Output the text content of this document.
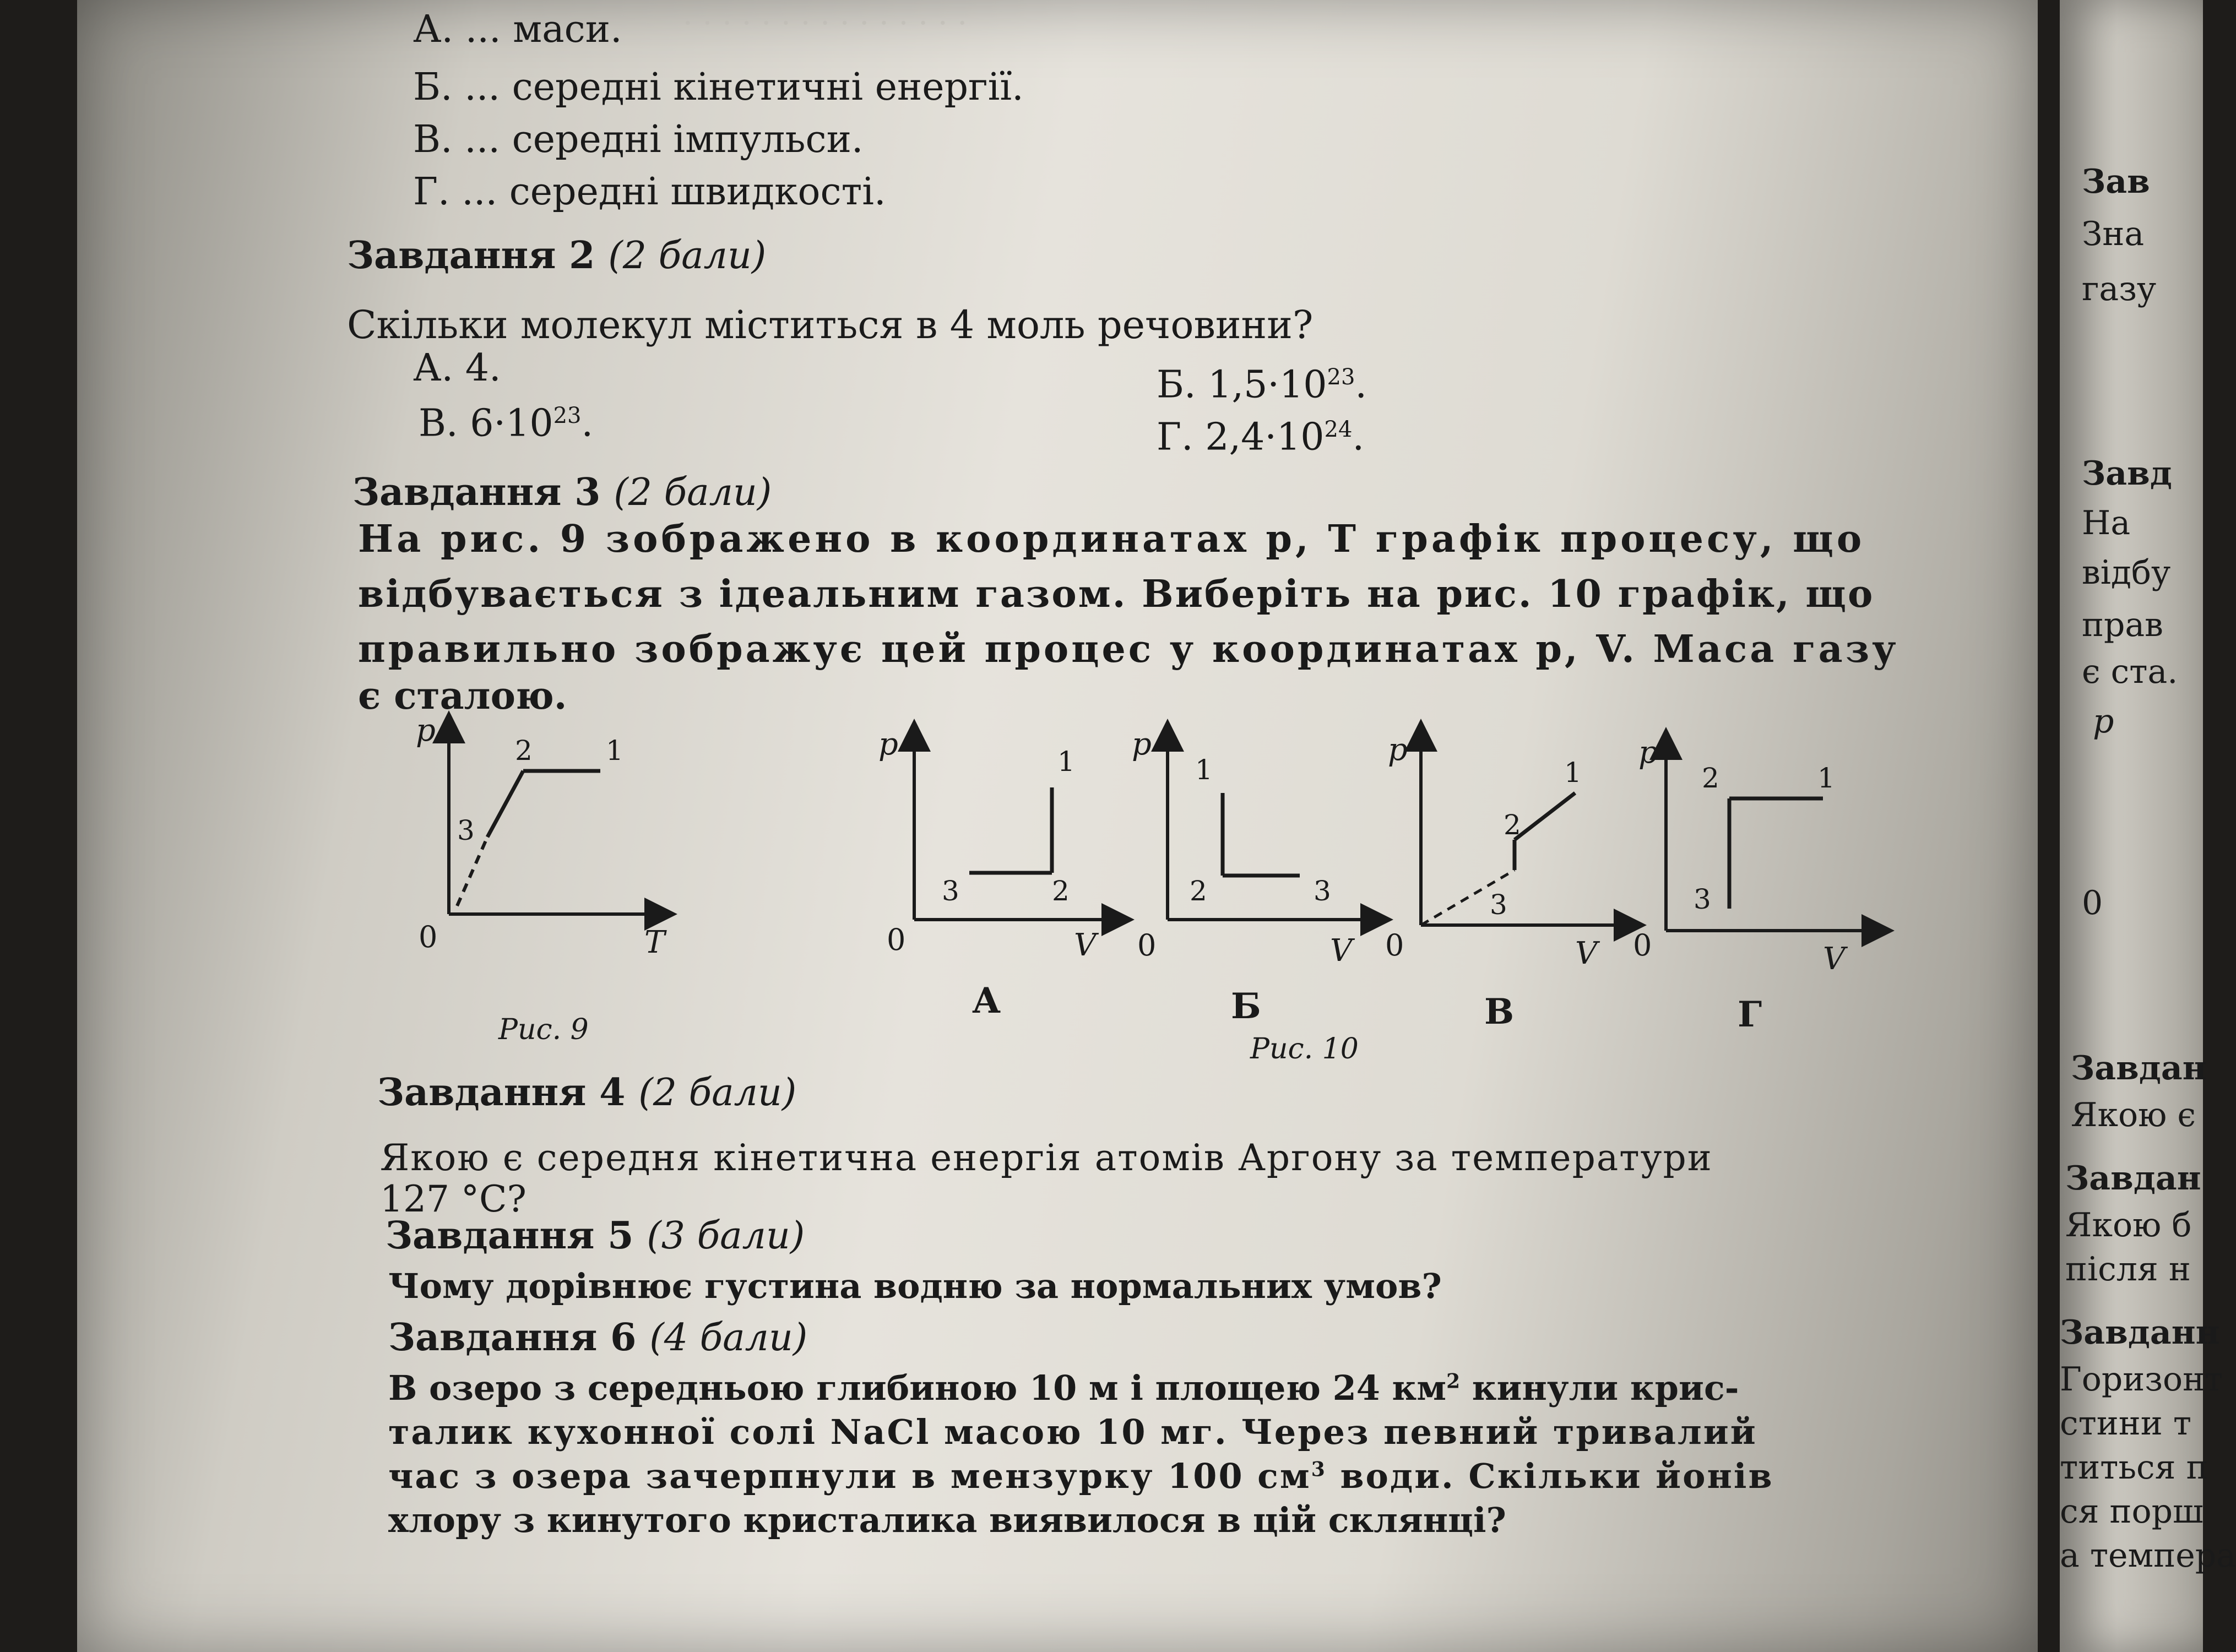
· · · · · · · · · · · · · · ·
А. ... маси.
Б. ... середні кінетичні енергії.
В. ... середні імпульси.
Г. ... середні швидкості.
Завдання 2 (2 бали)
Скільки молекул міститься в 4 моль речовини?
А. 4.	Б. $1,5\cdot 10^{23}$.
В. $6\cdot 10^{23}$.	Г. $2,4\cdot 10^{24}$.
Завдання 3 (2 бали)
На рис. 9 зображено в координатах p, T графік процесу, що
відбувається з ідеальним газом. Виберіть на рис. 10 графік, що
правильно зображує цей процес у координатах p, V. Маса газу
є сталою.
p
0	T
3
2	1	p
0	V
1
3	2
p
0	V
1
2	3
p
0	V
1
2
3
p
0	V
2	1
3
А	Б	В	Г
Рис. 9
Рис. 10
Завдання 4 (2 бали)
Якою є середня кінетична енергія атомів Аргону за температури
127 °C?
Завдання 5 (3 бали)
Чому дорівнює густина водню за нормальних умов?
Завдання 6 (4 бали)
В озеро з середньою глибиною 10 м і площею 24 $км^2$ кинули крис-
талик кухонної солі NaCl масою 10 мг. Через певний тривалий
час з озера зачерпнули в мензурку 100 $см^3$ води. Скільки йонів
хлору з кинутого кристалика виявилося в цій склянці?
Зав
Зна
газу
Завд
На
відбу
прав
є ста.
p
0
Завдан
Якою є
Завдан
Якою б
після н
Завданн
Горизонт
стини т
титься п
ся порш
а темпера
